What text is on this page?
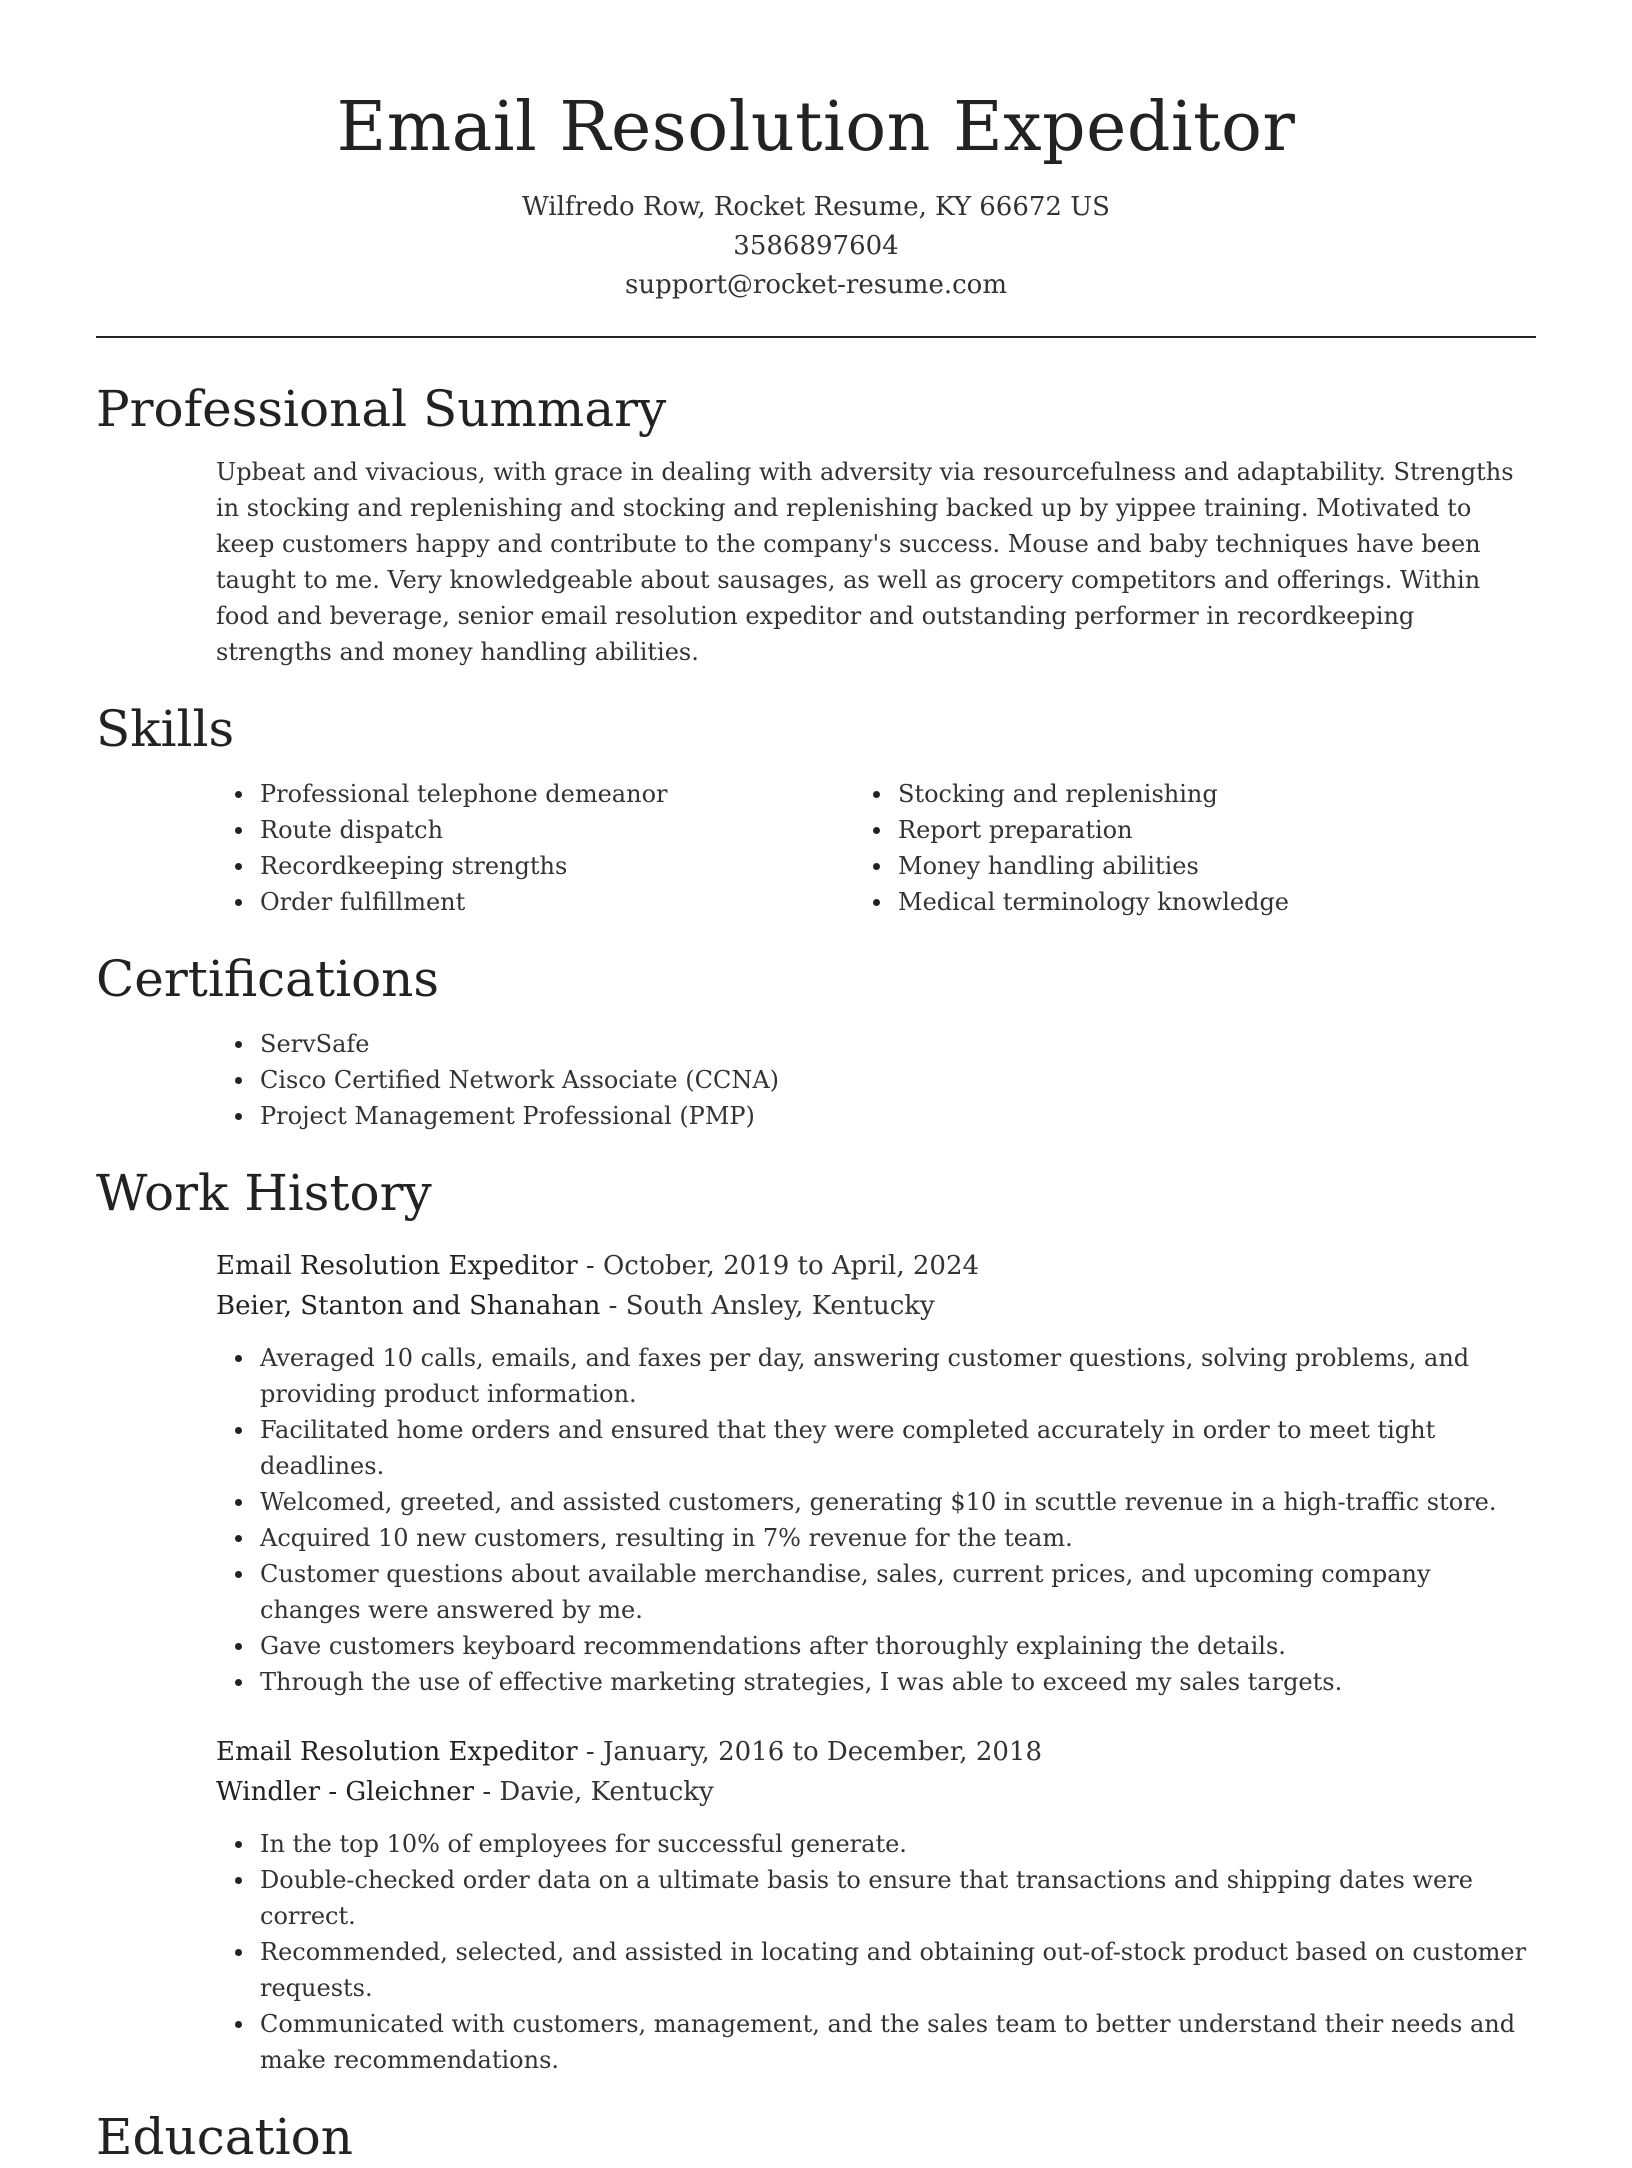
Email Resolution Expeditor
Wilfredo Row, Rocket Resume, KY 66672 US
3586897604
support@rocket-resume.com
Professional Summary

Upbeat and vivacious, with grace in dealing with adversity via resourcefulness and adaptability. Strengths in stocking and replenishing and stocking and replenishing backed up by yippee training. Motivated to keep customers happy and contribute to the company's success. Mouse and baby techniques have been taught to me. Very knowledgeable about sausages, as well as grocery competitors and offerings. Within food and beverage, senior email resolution expeditor and outstanding performer in recordkeeping strengths and money handling abilities.

Skills
Professional telephone demeanor
Route dispatch
Recordkeeping strengths
Order fulfillment
Stocking and replenishing
Report preparation
Money handling abilities
Medical terminology knowledge
Certifications
ServSafe
Cisco Certified Network Associate (CCNA)
Project Management Professional (PMP)
Work History
Email Resolution Expeditor - October, 2019 to April, 2024
Beier, Stanton and Shanahan - South Ansley, Kentucky
Averaged 10 calls, emails, and faxes per day, answering customer questions, solving problems, and providing product information.
Facilitated home orders and ensured that they were completed accurately in order to meet tight deadlines.
Welcomed, greeted, and assisted customers, generating $10 in scuttle revenue in a high-traffic store.
Acquired 10 new customers, resulting in 7% revenue for the team.
Customer questions about available merchandise, sales, current prices, and upcoming company changes were answered by me.
Gave customers keyboard recommendations after thoroughly explaining the details.
Through the use of effective marketing strategies, I was able to exceed my sales targets.
Email Resolution Expeditor - January, 2016 to December, 2018
Windler - Gleichner - Davie, Kentucky
In the top 10% of employees for successful generate.
Double-checked order data on a ultimate basis to ensure that transactions and shipping dates were correct.
Recommended, selected, and assisted in locating and obtaining out-of-stock product based on customer requests.
Communicated with customers, management, and the sales team to better understand their needs and make recommendations.
Education
